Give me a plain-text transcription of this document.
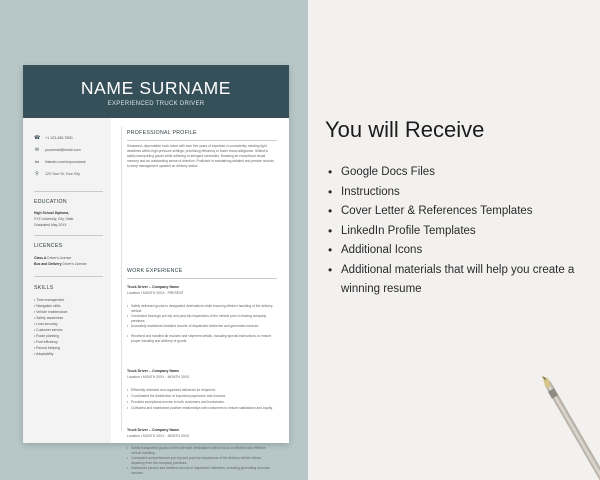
NAME SURNAME
EXPERIENCED TRUCK DRIVER
☎ +1 123-456-7890
✉ youremail@email.com
in	linkedin.com/in/yourname
⚲	123 Your St, Your City
EDUCATION
High School Diploma,
XYZ University, City, State
Graduated May 20XX
LICENCES
Class A Driver's License
Bus and Delivery Driver's License
SKILLS
• Time management
• Navigation skills
• Vehicle maintenance
• Safety awareness
• Load securing
• Customer service
• Route planning
• Fuel efficiency
• Record keeping
• Adaptability
PROFESSIONAL PROFILE
Seasoned, dependable truck driver with over five years of expertise in consistently meeting tight deadlines within high-pressure settings, prioritizing efficiency to foster brand allegiance. Skilled in safely transporting goods while adhering to stringent schedules. Boasting an exceptional visual memory and an outstanding sense of direction. Proficient in maintaining detailed and precise records to keep management updated on delivery status.
WORK EXPERIENCE
Truck Driver – Company Name
Location • MONTH 20XX - PRESENT
• Safely delivered goods to designated destinations while ensuring efficient handling of the delivery vehicle.
• Conducted thorough pre-trip and post-trip inspections of the vehicle prior to leaving company premises.
• Accurately maintained detailed records of dispatched deliveries and generated invoices.
• Received and handled all invoices and shipment details, including special instructions, to ensure proper handling and delivery of goods.
Truck Driver – Company Name
Location • MONTH 20XX - MONTH 20XX
• Efficiently reviewed and organized deliveries for shipment.
• Coordinated the distribution of important paperwork and invoices.
• Provided exceptional service to both customers and businesses.
• Cultivated and maintained positive relationships with customers to ensure satisfaction and loyalty.
Truck Driver – Company Name
Location • MONTH 20XX - MONTH 20XX
• Safely transported goods to their intended destinations with a focus on efficient and effective vehicle handling.
• Conducted comprehensive pre-trip and post-trip inspections of the delivery vehicle before departing from the company premises.
• Maintained precise and detailed records of dispatched deliveries, including generating accurate invoices.
You will Receive
• Google Docs Files
• Instructions
• Cover Letter & References Templates
• LinkedIn Profile Templates
• Additional Icons
• Additional materials that will help you create a winning resume
